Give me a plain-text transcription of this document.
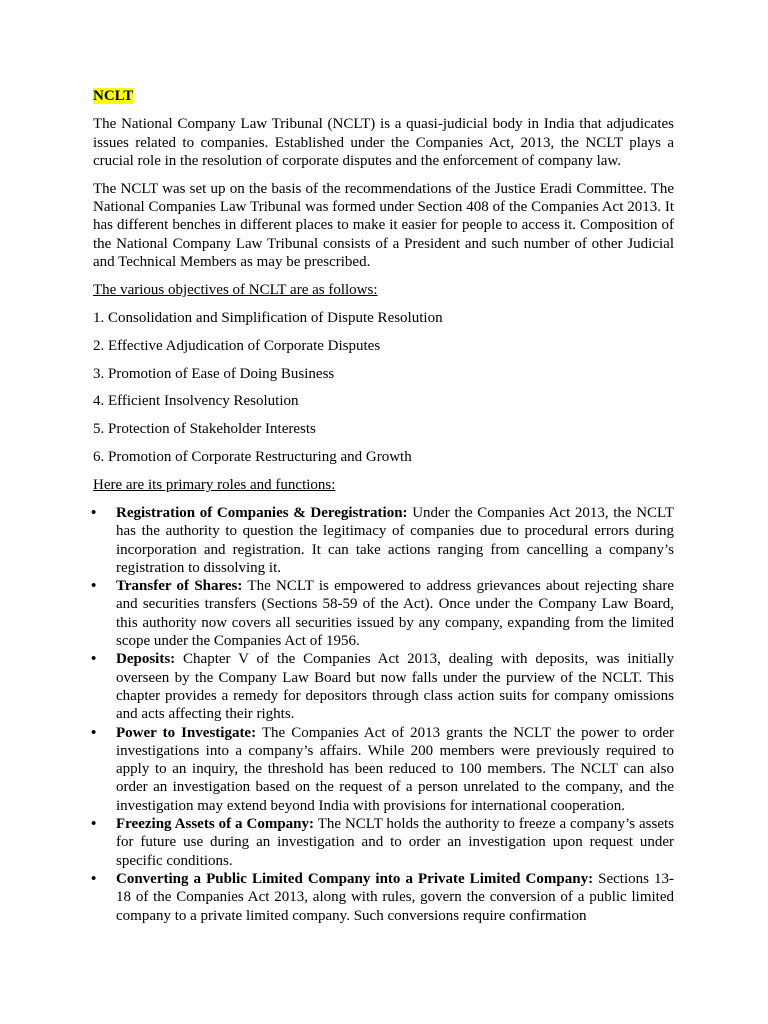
NCLT

The National Company Law Tribunal (NCLT) is a quasi-judicial body in India that adjudicates issues related to companies. Established under the Companies Act, 2013, the NCLT plays a crucial role in the resolution of corporate disputes and the enforcement of company law.

The NCLT was set up on the basis of the recommendations of the Justice Eradi Committee. The National Companies Law Tribunal was formed under Section 408 of the Companies Act 2013. It has different benches in different places to make it easier for people to access it. Composition of the National Company Law Tribunal consists of a President and such number of other Judicial and Technical Members as may be prescribed.

The various objectives of NCLT are as follows:

1. Consolidation and Simplification of Dispute Resolution
2. Effective Adjudication of Corporate Disputes
3. Promotion of Ease of Doing Business
4. Efficient Insolvency Resolution
5. Protection of Stakeholder Interests
6. Promotion of Corporate Restructuring and Growth

Here are its primary roles and functions:

• Registration of Companies & Deregistration: Under the Companies Act 2013, the NCLT has the authority to question the legitimacy of companies due to procedural errors during incorporation and registration. It can take actions ranging from cancelling a company’s registration to dissolving it.
• Transfer of Shares: The NCLT is empowered to address grievances about rejecting share and securities transfers (Sections 58-59 of the Act). Once under the Company Law Board, this authority now covers all securities issued by any company, expanding from the limited scope under the Companies Act of 1956.
• Deposits: Chapter V of the Companies Act 2013, dealing with deposits, was initially overseen by the Company Law Board but now falls under the purview of the NCLT. This chapter provides a remedy for depositors through class action suits for company omissions and acts affecting their rights.
• Power to Investigate: The Companies Act of 2013 grants the NCLT the power to order investigations into a company’s affairs. While 200 members were previously required to apply to an inquiry, the threshold has been reduced to 100 members. The NCLT can also order an investigation based on the request of a person unrelated to the company, and the investigation may extend beyond India with provisions for international cooperation.
• Freezing Assets of a Company: The NCLT holds the authority to freeze a company’s assets for future use during an investigation and to order an investigation upon request under specific conditions.
• Converting a Public Limited Company into a Private Limited Company: Sections 13-18 of the Companies Act 2013, along with rules, govern the conversion of a public limited company to a private limited company. Such conversions require confirmation
